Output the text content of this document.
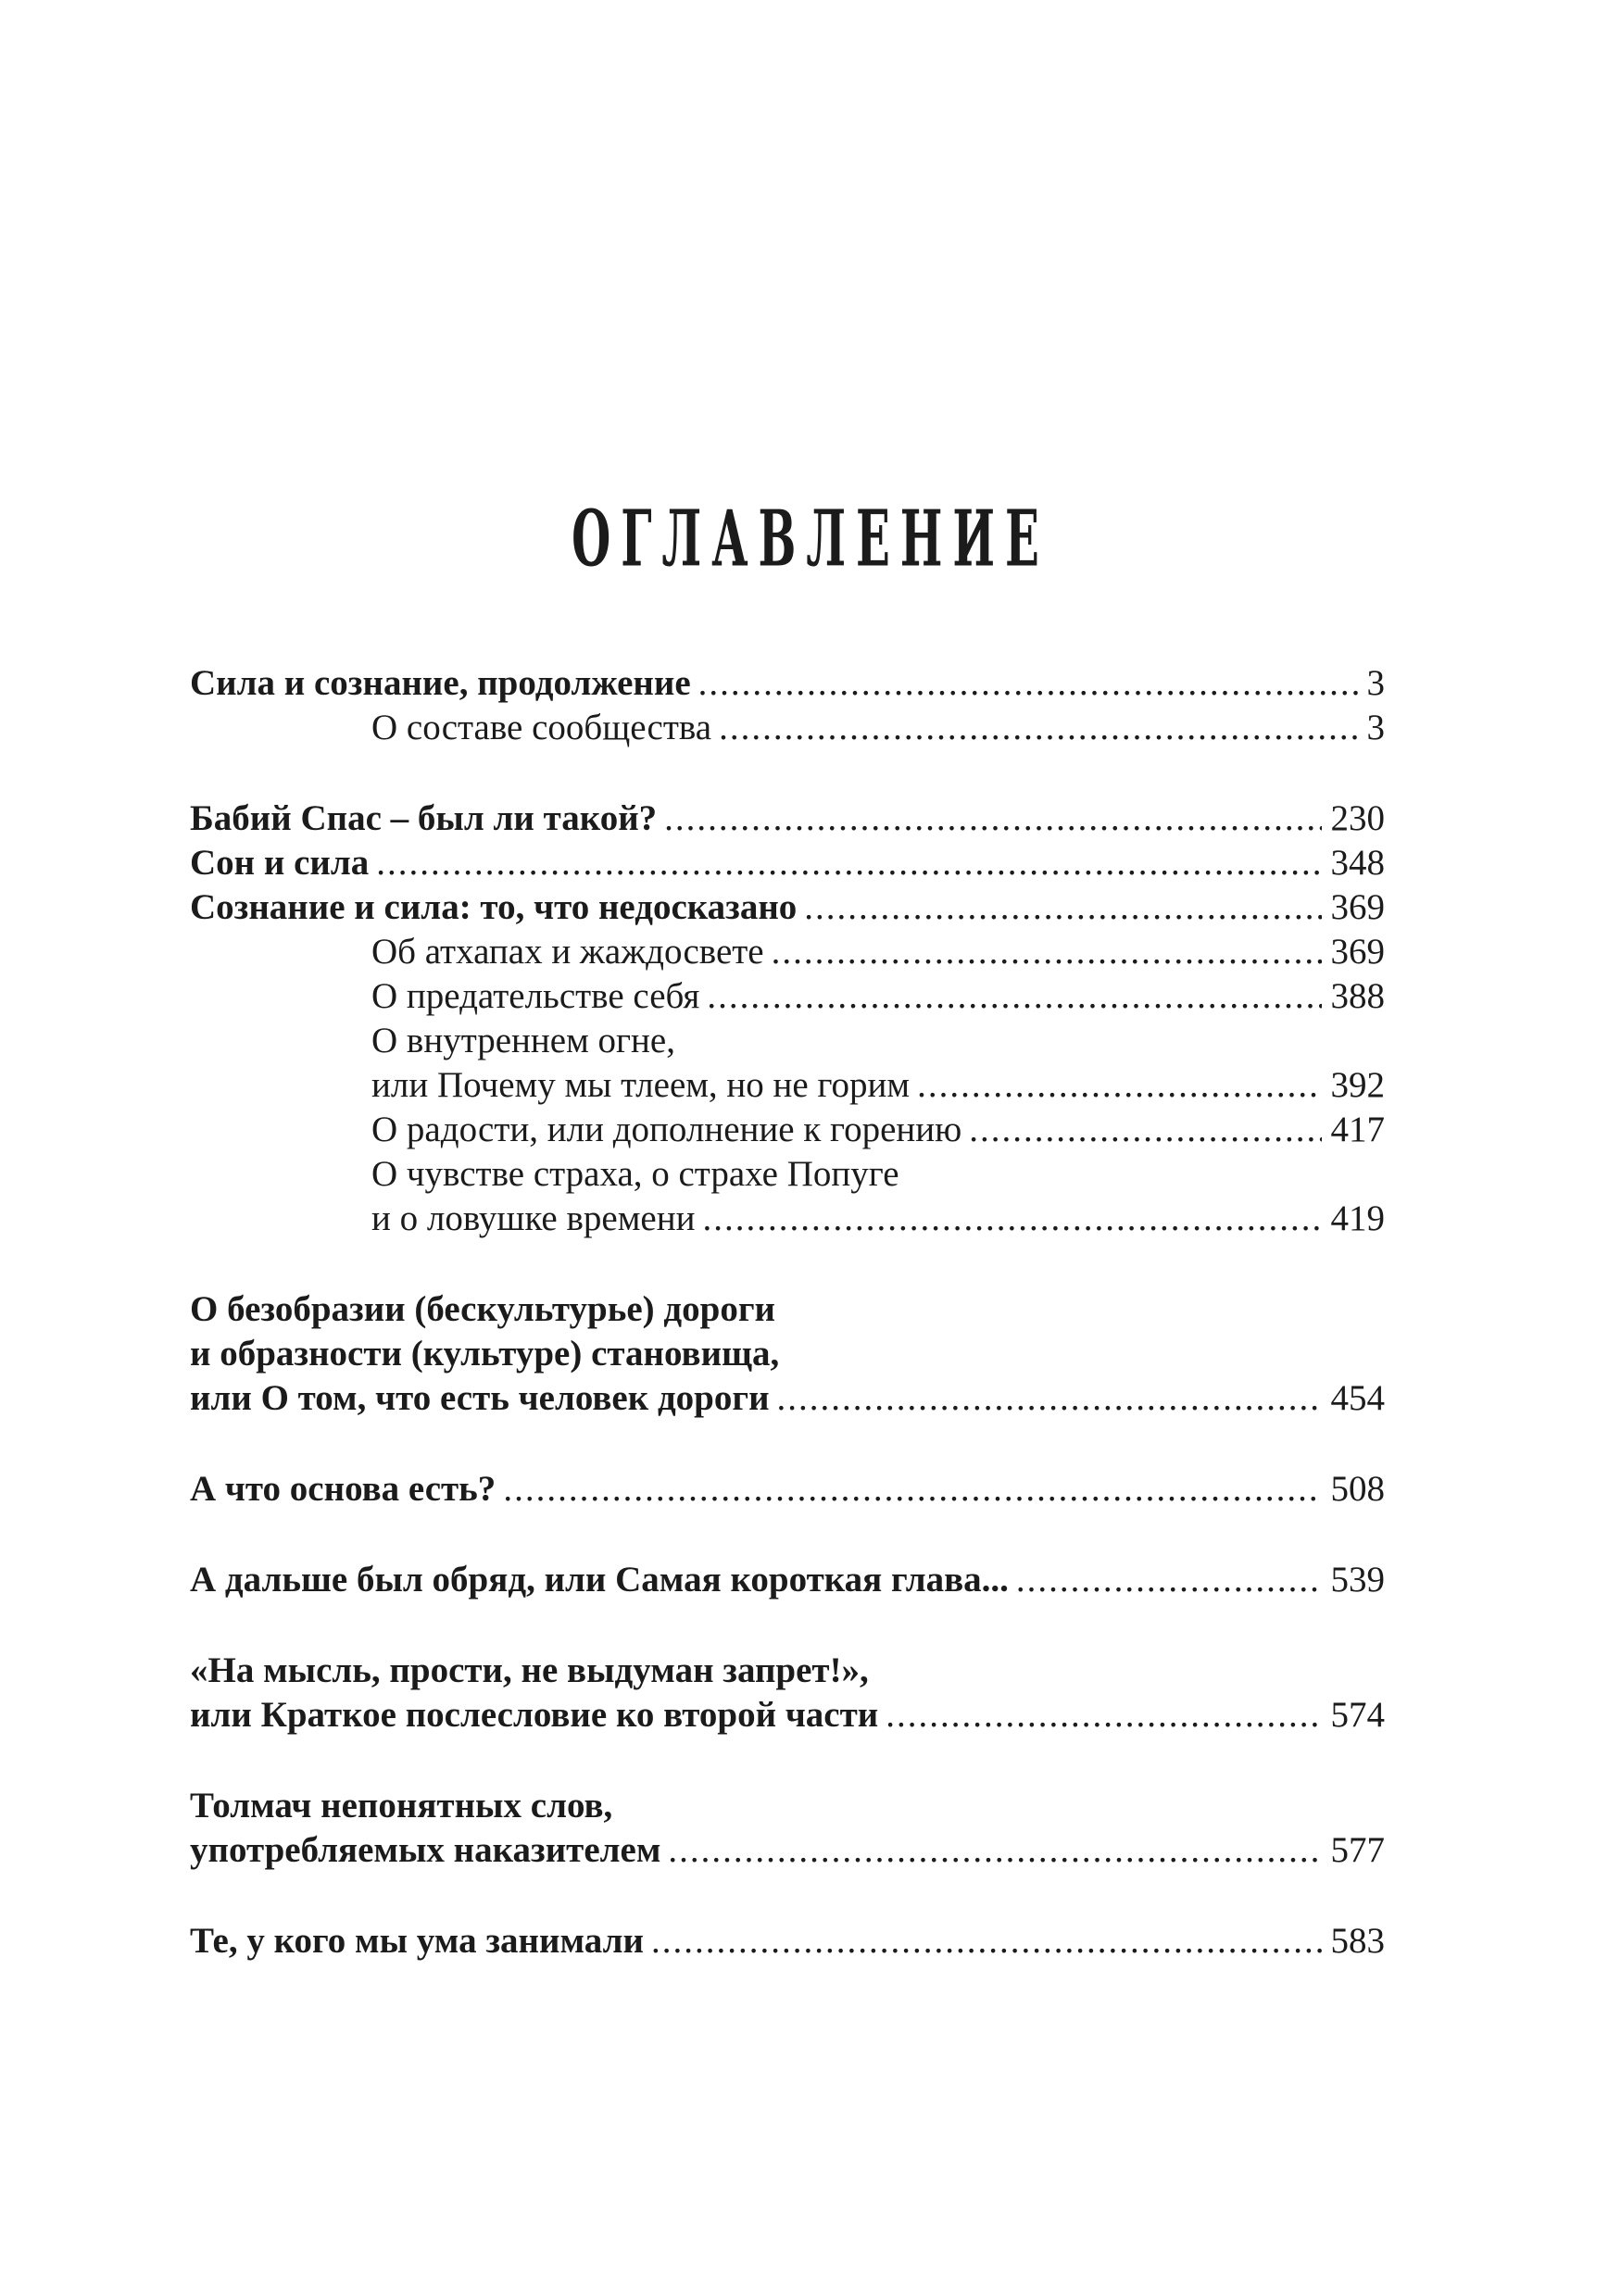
ОГЛАВЛЕНИЕ
Сила и сознание, продолжение .....	3
О составе сообщества .....	3
Бабий Спас – был ли такой? .....	230
Сон и сила .....	348
Сознание и сила: то, что недосказано .....	369
Об атхапах и жаждосвете .....	369
О предательстве себя .....	388
О внутреннем огне,
или Почему мы тлеем, но не горим .....	392
О радости, или дополнение к горению .....	417
О чувстве страха, о страхе Попуге
и о ловушке времени .....	419
О безобразии (бескультурье) дороги
и образности (культуре) становища,
или О том, что есть человек дороги .....	454
А что основа есть? .....	508
А дальше был обряд, или Самая короткая глава... .....	539
«На мысль, прости, не выдуман запрет!»,
или Краткое послесловие ко второй части .....	574
Толмач непонятных слов,
употребляемых наказителем .....	577
Те, у кого мы ума занимали .....	583
